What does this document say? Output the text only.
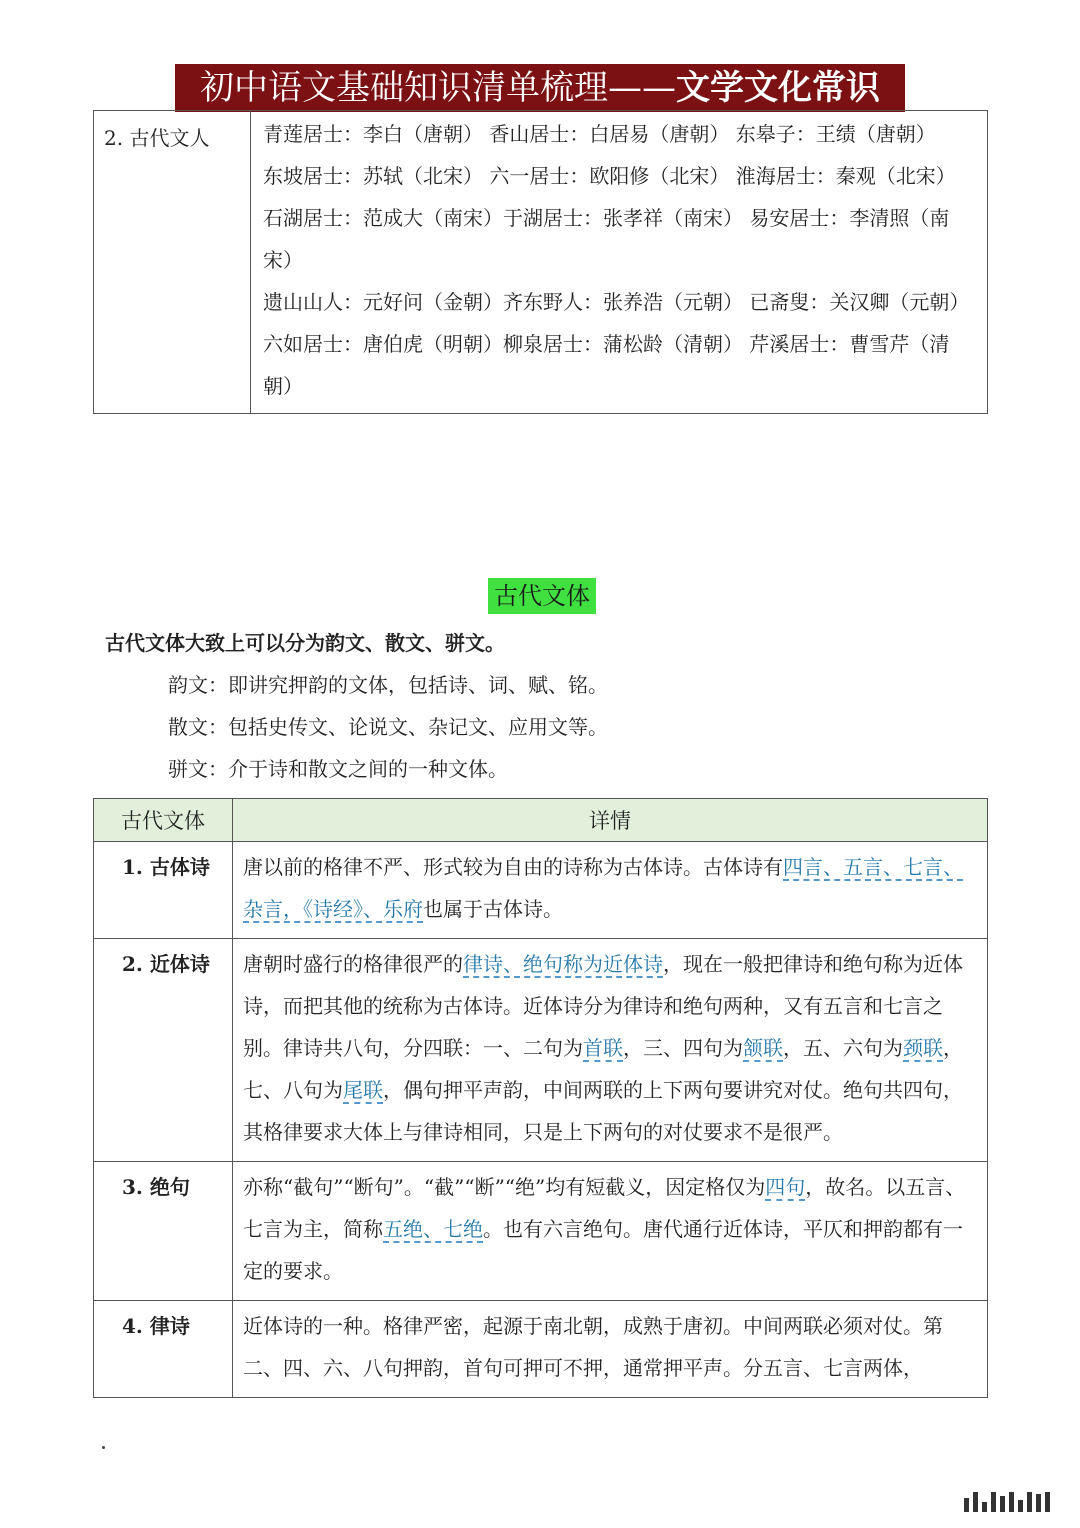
初中语文基础知识清单梳理——文学文化常识
2. 古代文人	青莲居士：李白（唐朝） 香山居士：白居易（唐朝） 东皋子：王绩（唐朝）
东坡居士：苏轼（北宋） 六一居士：欧阳修（北宋） 淮海居士：秦观（北宋）
石湖居士：范成大（南宋）于湖居士：张孝祥（南宋） 易安居士：李清照（南宋）
遗山山人：元好问（金朝）齐东野人：张养浩（元朝） 已斋叟：关汉卿（元朝）
六如居士：唐伯虎（明朝）柳泉居士：蒲松龄（清朝） 芹溪居士：曹雪芹（清朝）
古代文体
古代文体大致上可以分为韵文、散文、骈文。
韵文：即讲究押韵的文体，包括诗、词、赋、铭。
散文：包括史传文、论说文、杂记文、应用文等。
骈文：介于诗和散文之间的一种文体。
古代文体	详情
1. 古体诗	唐以前的格律不严、形式较为自由的诗称为古体诗。古体诗有四言、五言、七言、杂言，《诗经》、乐府也属于古体诗。
2. 近体诗	唐朝时盛行的格律很严的律诗、绝句称为近体诗，现在一般把律诗和绝句称为近体诗，而把其他的统称为古体诗。近体诗分为律诗和绝句两种，又有五言和七言之别。律诗共八句，分四联：一、二句为首联，三、四句为颔联，五、六句为颈联，七、八句为尾联，偶句押平声韵，中间两联的上下两句要讲究对仗。绝句共四句，其格律要求大体上与律诗相同，只是上下两句的对仗要求不是很严。
3. 绝句	亦称“截句”“断句”。“截”“断”“绝”均有短截义，因定格仅为四句，故名。以五言、七言为主，简称五绝、七绝。也有六言绝句。唐代通行近体诗，平仄和押韵都有一定的要求。
4. 律诗	近体诗的一种。格律严密，起源于南北朝，成熟于唐初。中间两联必须对仗。第二、四、六、八句押韵，首句可押可不押，通常押平声。分五言、七言两体，
